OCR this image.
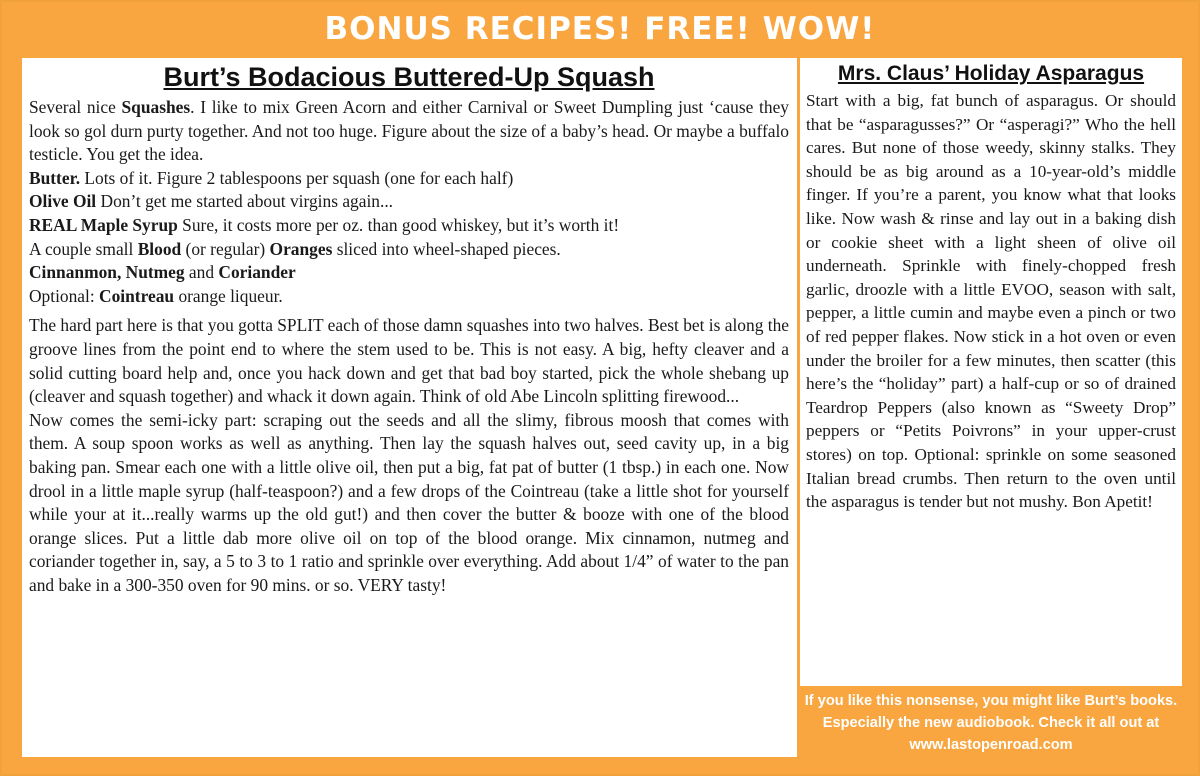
BONUS RECIPES! FREE! WOW!
Burt’s Bodacious Buttered-Up Squash

Several nice Squashes. I like to mix Green Acorn and either Carnival or Sweet Dumpling just ‘cause they look so gol durn purty together. And not too huge. Figure about the size of a baby’s head. Or maybe a buffalo testicle. You get the idea.

Butter. Lots of it. Figure 2 tablespoons per squash (one for each half)

Olive Oil Don’t get me started about virgins again...

REAL Maple Syrup Sure, it costs more per oz. than good whiskey, but it’s worth it!

A couple small Blood (or regular) Oranges sliced into wheel-shaped pieces.

Cinnanmon, Nutmeg and Coriander

Optional: Cointreau orange liqueur.

The hard part here is that you gotta SPLIT each of those damn squashes into two halves. Best bet is along the groove lines from the point end to where the stem used to be. This is not easy. A big, hefty cleaver and a solid cutting board help and, once you hack down and get that bad boy started, pick the whole shebang up (cleaver and squash together) and whack it down again. Think of old Abe Lincoln splitting firewood...

Now comes the semi-icky part: scraping out the seeds and all the slimy, fibrous moosh that comes with them. A soup spoon works as well as anything. Then lay the squash halves out, seed cavity up, in a big baking pan. Smear each one with a little olive oil, then put a big, fat pat of butter (1 tbsp.) in each one. Now drool in a little maple syrup (half-teaspoon?) and a few drops of the Cointreau (take a little shot for yourself while your at it...really warms up the old gut!) and then cover the butter & booze with one of the blood orange slices. Put a little dab more olive oil on top of the blood orange. Mix cinnamon, nutmeg and coriander together in, say, a 5 to 3 to 1 ratio and sprinkle over everything. Add about 1/4” of water to the pan and bake in a 300-350 oven for 90 mins. or so. VERY tasty!

Mrs. Claus’ Holiday Asparagus

Start with a big, fat bunch of asparagus. Or should that be “asparagusses?” Or “asperagi?” Who the hell cares. But none of those weedy, skinny stalks. They should be as big around as a 10-year-old’s middle finger. If you’re a parent, you know what that looks like. Now wash & rinse and lay out in a baking dish or cookie sheet with a light sheen of olive oil underneath. Sprinkle with finely-chopped fresh garlic, droozle with a little EVOO, season with salt, pepper, a little cumin and maybe even a pinch or two of red pepper flakes. Now stick in a hot oven or even under the broiler for a few minutes, then scatter (this here’s the “holiday” part) a half-cup or so of drained Teardrop Peppers (also known as “Sweety Drop” peppers or “Petits Poivrons” in your upper-crust stores) on top. Optional: sprinkle on some seasoned Italian bread crumbs. Then return to the oven until the asparagus is tender but not mushy. Bon Apetit!

If you like this nonsense, you might like Burt’s books.
Especially the new audiobook. Check it all out at
www.lastopenroad.com
